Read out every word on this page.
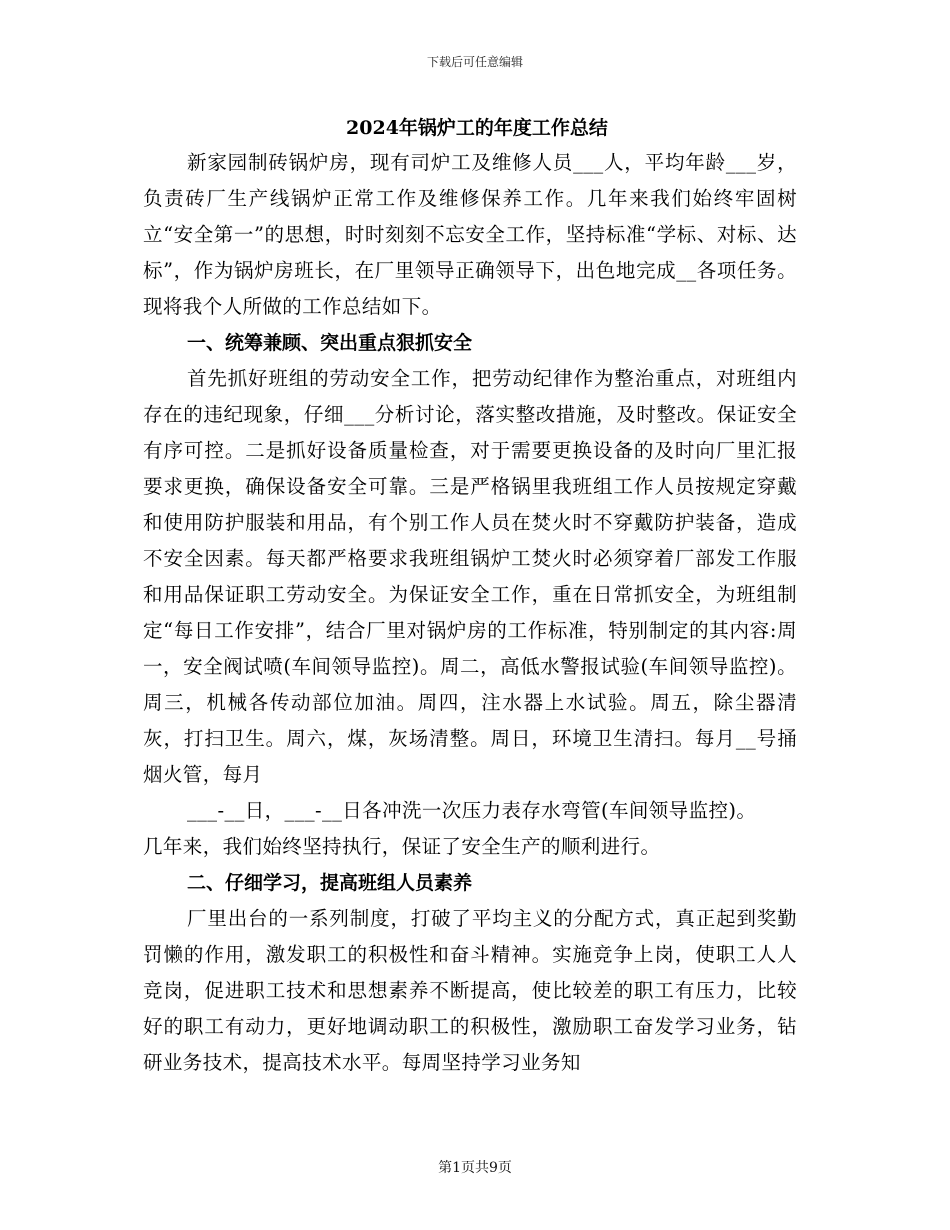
下载后可任意编辑

2024年锅炉工的年度工作总结

新家园制砖锅炉房，现有司炉工及维修人员___人，平均年龄___岁，负责砖厂生产线锅炉正常工作及维修保养工作。几年来我们始终牢固树立“安全第一”的思想，时时刻刻不忘安全工作，坚持标准“学标、对标、达标”，作为锅炉房班长，在厂里领导正确领导下，出色地完成__各项任务。现将我个人所做的工作总结如下。

一、统筹兼顾、突出重点狠抓安全

首先抓好班组的劳动安全工作，把劳动纪律作为整治重点，对班组内存在的违纪现象，仔细___分析讨论，落实整改措施，及时整改。保证安全有序可控。二是抓好设备质量检查，对于需要更换设备的及时向厂里汇报要求更换，确保设备安全可靠。三是严格锅里我班组工作人员按规定穿戴和使用防护服装和用品，有个别工作人员在焚火时不穿戴防护装备，造成不安全因素。每天都严格要求我班组锅炉工焚火时必须穿着厂部发工作服和用品保证职工劳动安全。为保证安全工作，重在日常抓安全，为班组制定“每日工作安排”，结合厂里对锅炉房的工作标准，特别制定的其内容:周一，安全阀试喷(车间领导监控)。周二，高低水警报试验(车间领导监控)。周三，机械各传动部位加油。周四，注水器上水试验。周五，除尘器清灰，打扫卫生。周六，煤，灰场清整。周日，环境卫生清扫。每月__号捅烟火管，每月

___-__日，___-__日各冲洗一次压力表存水弯管(车间领导监控)。

几年来，我们始终坚持执行，保证了安全生产的顺利进行。

二、仔细学习，提高班组人员素养

厂里出台的一系列制度，打破了平均主义的分配方式，真正起到奖勤罚懒的作用，激发职工的积极性和奋斗精神。实施竞争上岗，使职工人人竞岗，促进职工技术和思想素养不断提高，使比较差的职工有压力，比较好的职工有动力，更好地调动职工的积极性，激励职工奋发学习业务，钻研业务技术，提高技术水平。每周坚持学习业务知

第1页共9页
